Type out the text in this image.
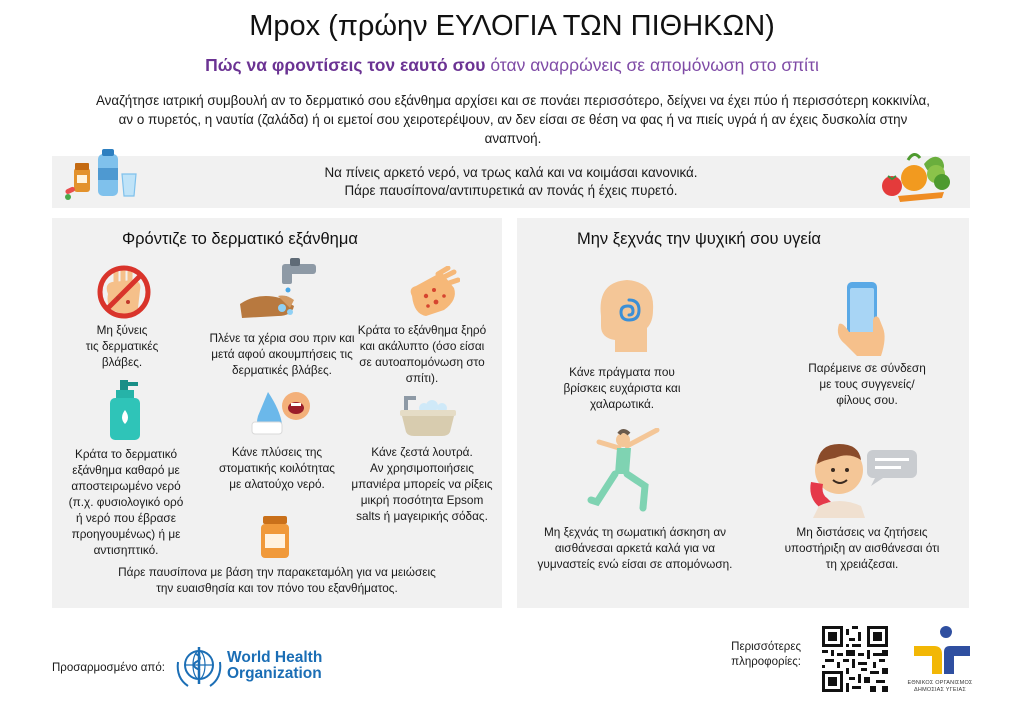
Mpox (πρώην ΕΥΛΟΓΙΑ ΤΩΝ ΠΙΘΗΚΩΝ)
Πώς να φροντίσεις τον εαυτό σου όταν αναρρώνεις σε απομόνωση στο σπίτι
Αναζήτησε ιατρική συμβουλή αν το δερματικό σου εξάνθημα αρχίσει και σε πονάει περισσότερο, δείχνει να έχει πύο ή περισσότερη κοκκινίλα,
αν ο πυρετός, η ναυτία (ζαλάδα) ή οι εμετοί σου χειροτερέψουν, αν δεν είσαι σε θέση να φας ή να πιείς υγρά ή αν έχεις δυσκολία στην
αναπνοή.
Να πίνεις αρκετό νερό, να τρως καλά και να κοιμάσαι κανονικά.
Πάρε παυσίπονα/αντιπυρετικά αν πονάς ή έχεις πυρετό.
Φρόντιζε το δερματικό εξάνθημα
Μη ξύνεις
τις δερματικές
βλάβες.
Πλένε τα χέρια σου πριν και
μετά αφού ακουμπήσεις τις
δερματικές βλάβες.
Κράτα το εξάνθημα ξηρό
και ακάλυπτο (όσο είσαι
σε αυτοαπομόνωση στο
σπίτι).
Κράτα το δερματικό
εξάνθημα καθαρό με
αποστειρωμένο νερό
(π.χ. φυσιολογικό ορό
ή νερό που έβρασε
προηγουμένως) ή με
αντισηπτικό.
Κάνε πλύσεις της
στοματικής κοιλότητας
με αλατούχο νερό.
Κάνε ζεστά λουτρά.
Αν χρησιμοποιήσεις
μπανιέρα μπορείς να ρίξεις
μικρή ποσότητα Epsom
salts ή μαγειρικής σόδας.
Πάρε παυσίπονα με βάση την παρακεταμόλη για να μειώσεις
την ευαισθησία και τον πόνο του εξανθήματος.
Μην ξεχνάς την ψυχική σου υγεία
Κάνε πράγματα που
βρίσκεις ευχάριστα και
χαλαρωτικά.
Παρέμεινε σε σύνδεση
με τους συγγενείς/
φίλους σου.
Μη ξεχνάς τη σωματική άσκηση αν
αισθάνεσαι αρκετά καλά για να
γυμναστείς ενώ είσαι σε απομόνωση.
Μη διστάσεις να ζητήσεις
υποστήριξη αν αισθάνεσαι ότι
τη χρειάζεσαι.
Προσαρμοσμένο από:
World Health
Organization
Περισσότερες
πληροφορίες:
ΕΘΝΙΚΟΣ ΟΡΓΑΝΙΣΜΟΣ
ΔΗΜΟΣΙΑΣ ΥΓΕΙΑΣ
